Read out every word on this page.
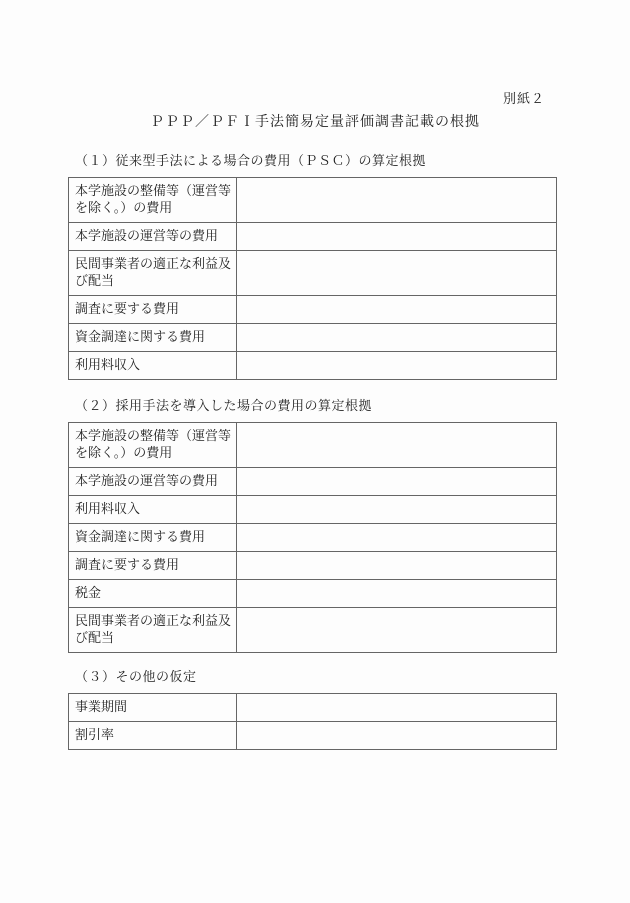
別紙２
ＰＰＰ／ＰＦＩ手法簡易定量評価調書記載の根拠
（１）従来型手法による場合の費用（ＰＳＣ）の算定根拠
本学施設の整備等（運営等を除く。）の費用	
本学施設の運営等の費用	
民間事業者の適正な利益及び配当	
調査に要する費用	
資金調達に関する費用	
利用料収入	
（２）採用手法を導入した場合の費用の算定根拠
本学施設の整備等（運営等を除く。）の費用	
本学施設の運営等の費用	
利用料収入	
資金調達に関する費用	
調査に要する費用	
税金	
民間事業者の適正な利益及び配当	
（３）その他の仮定
事業期間	
割引率	
